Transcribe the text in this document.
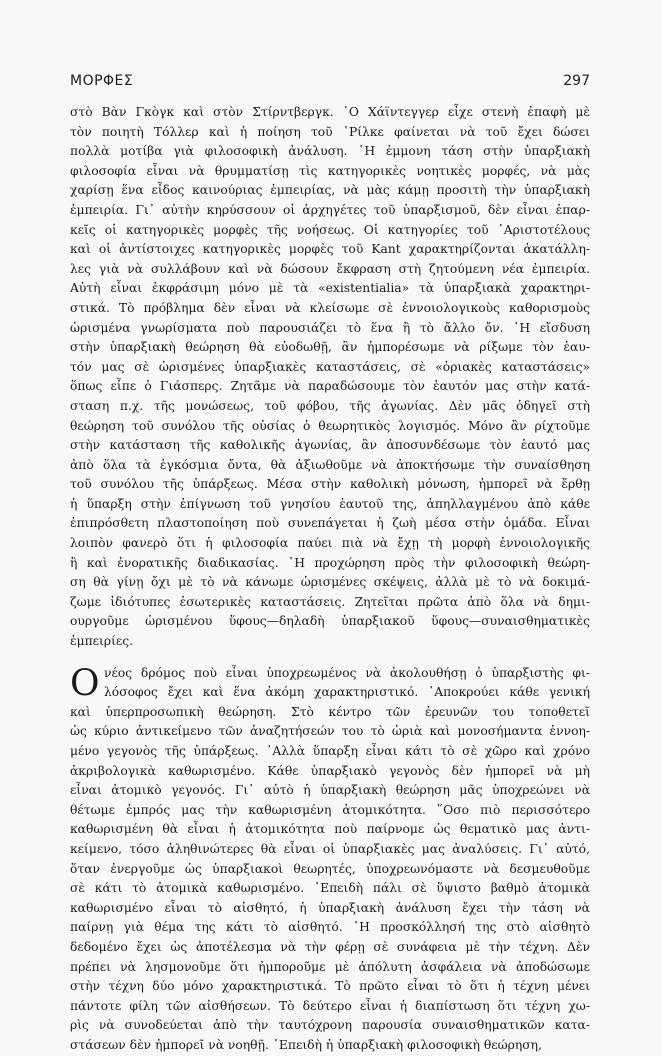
ΜΟΡΦΕΣ	297
στὸ Βὰν Γκὸγκ καὶ στὸν Στίρντβεργκ. ῾Ο Χάϊντεγγερ εἶχε στενὴ ἐπαφὴ μὲ
τὸν ποιητὴ Τόλλερ καὶ ἡ ποίηση τοῦ ῾Ρίλκε φαίνεται νὰ τοῦ ἔχει δώσει
πολλὰ μοτίβα γιὰ φιλοσοφικὴ ἀνάλυση. ῾Η ἐμμονη τάση στὴν ὑπαρξιακὴ
φιλοσοφία εἶναι νὰ θρυμματίσῃ τὶς κατηγορικὲς νοητικὲς μορφές, νὰ μὰς
χαρίσῃ ἕνα εἶδος καινούριας ἐμπειρίας, νὰ μὰς κάμῃ προσιτὴ τὴν ὑπαρξιακὴ
ἐμπειρία. Γι᾽ αὐτὴν κηρύσσουν οἱ ἀρχηγέτες τοῦ ὑπαρξισμοῦ, δὲν εἶναι ἐπαρ-
κεῖς οἱ κατηγορικὲς μορφὲς τῆς νοήσεως. Οἱ κατηγορίες τοῦ ᾿Αριστοτέλους
καὶ οἱ ἀντίστοιχες κατηγορικὲς μορφὲς τοῦ Kant χαρακτηρίζονται ἀκατάλλη-
λες γιὰ νὰ συλλάβουν καὶ νὰ δώσουν ἔκφραση στὴ ζητούμενη νέα ἐμπειρία.
Αὐτὴ εἶναι ἐκφράσιμη μόνο μὲ τὰ «existentialia» τὰ ὑπαρξιακὰ χαρακτηρι-
στικά. Τὸ πρόβλημα δὲν εἶναι νὰ κλείσωμε σὲ ἐννοιολογικοὺς καθορισμοὺς
ὡρισμένα γνωρίσματα ποὺ παρουσιάζει τὸ ἕνα ἢ τὸ ἄλλο ὄν. ῾Η εἴσδυση
στὴν ὑπαρξιακὴ θεώρηση θὰ εὐοδωθῇ, ἂν ἠμπορέσωμε νὰ ρίξωμε τὸν ἑαυ-
τόν μας σὲ ὡρισμένες ὑπαρξιακὲς καταστάσεις, σὲ «ὁριακὲς καταστάσεις»
ὅπως εἶπε ὁ Γιάσπερς. Ζητᾶμε νὰ παραδώσουμε τὸν ἑαυτόν μας στὴν κατά-
σταση π.χ. τῆς μονώσεως, τοῦ φόβου, τῆς ἀγωνίας. Δὲν μᾶς ὁδηγεῖ στὴ
θεώρηση τοῦ συνόλου τῆς οὐσίας ὁ θεωρητικὸς λογισμός. Μόνο ἂν ρίχτοῦμε
στὴν κατάσταση τῆς καθολικῆς ἀγωνίας, ἂν ἀποσυνδέσωμε τὸν ἑαυτό μας
ἀπὸ ὅλα τὰ ἐγκόσμια ὄντα, θὰ ἀξιωθοῦμε νὰ ἀποκτήσωμε τὴν συναίσθηση
τοῦ συνόλου τῆς ὑπάρξεως. Μέσα στὴν καθολικὴ μόνωση, ἠμπορεῖ νὰ ἔρθῃ
ἡ ὕπαρξη στὴν ἐπίγνωση τοῦ γνησίου ἑαυτοῦ της, ἀπηλλαγμένου ἀπὸ κάθε
ἐπιπρόσθετη πλαστοποίηση ποὺ συνεπάγεται ἡ ζωὴ μέσα στὴν ὁμάδα. Εἶναι
λοιπὸν φανερὸ ὅτι ἡ φιλοσοφία παύει πιὰ νὰ ἔχῃ τὴ μορφὴ ἐννοιολογικῆς
ἢ καὶ ἐνορατικῆς διαδικασίας. ῾Η προχώρηση πρὸς τὴν φιλοσοφικὴ θεώρη-
ση θὰ γίνῃ ὄχι μὲ τὸ νὰ κάνωμε ὡρισμένες σκέψεις, ἀλλὰ μὲ τὸ νὰ δοκιμά-
ζωμε ἰδιότυπες ἐσωτερικὲς καταστάσεις. Ζητεῖται πρῶτα ἀπὸ ὅλα νὰ δημι-
ουργοῦμε ὡρισμένου ὕφους—δηλαδὴ ὑπαρξιακοῦ ὕφους—συναισθηματικὲς
ἐμπειρίες.
Ο νέος δρόμος ποὺ εἶναι ὑποχρεωμένος νὰ ἀκολουθήσῃ ὁ ὑπαρξιστὴς φι-
λόσοφος ἔχει καὶ ἕνα ἀκόμη χαρακτηριστικό. ᾿Αποκρούει κάθε γενική
καὶ ὑπερπροσωπικὴ θεώρηση. Στὸ κέντρο τῶν ἐρευνῶν του τοποθετεῖ
ὡς κύριο ἀντικείμενο τῶν ἀναζητήσεών του τὸ ὡριὰ καὶ μονοσήμαντα ἐννοη-
μένο γεγονὸς τῆς ὑπάρξεως. ᾿Αλλὰ ὕπαρξη εἶναι κάτι τὸ σὲ χῶρο καὶ χρόνο
ἀκριβολογικὰ καθωρισμένο. Κάθε ὑπαρξιακὸ γεγονὸς δὲν ἠμπορεῖ νὰ μὴ
εἶναι ἀτομικὸ γεγονός. Γι᾽ αὐτὸ ἡ ὑπαρξιακὴ θεώρηση μᾶς ὑποχρεώνει νὰ
θέτωμε ἐμπρός μας τὴν καθωρισμένη ἀτομικότητα. ῞Οσο πιὸ περισσότερο
καθωρισμένη θὰ εἶναι ἡ ἀτομικότητα ποὺ παίρνομε ὡς θεματικὸ μας ἀντι-
κείμενο, τόσο ἀληθινώτερες θὰ εἶναι οἱ ὑπαρξιακὲς μας ἀναλύσεις. Γι᾽ αὐτό,
ὅταν ἐνεργοῦμε ὡς ὑπαρξιακοὶ θεωρητές, ὑποχρεωνόμαστε νὰ δεσμευθοῦμε
σὲ κάτι τὸ ἀτομικὰ καθωρισμένο. ᾿Επειδὴ πάλι σὲ ὕψιστο βαθμὸ ἀτομικὰ
καθωρισμένο εἶναι τὸ αἰσθητό, ἡ ὑπαρξιακὴ ἀνάλυση ἔχει τὴν τάση νὰ
παίρνῃ γιὰ θέμα της κάτι τὸ αἰσθητό. ῾Η προσκόλλησή της στὸ αἰσθητὸ
δεδομένο ἔχει ὡς ἀποτέλεσμα νὰ τὴν φέρῃ σὲ συνάφεια μὲ τὴν τέχνη. Δὲν
πρέπει νὰ λησμονοῦμε ὅτι ἠμποροῦμε μὲ ἀπόλυτη ἀσφάλεια νὰ ἀποδώσωμε
στὴν τέχνη δύο μόνο χαρακτηριστικά. Τὸ πρῶτο εἶναι τὸ ὅτι ἡ τέχνη μένει
πάντοτε φίλη τῶν αἰσθήσεων. Τὸ δεύτερο εἶναι ἡ διαπίστωση ὅτι τέχνη χω-
ρὶς νὰ συνοδεύεται ἀπὸ τὴν ταυτόχρονη παρουσία συναισθηματικῶν κατα-
στάσεων δὲν ἠμπορεῖ νὰ νοηθῇ. ᾿Επειδὴ ἡ ὑπαρξιακὴ φιλοσοφικὴ θεώρηση,
